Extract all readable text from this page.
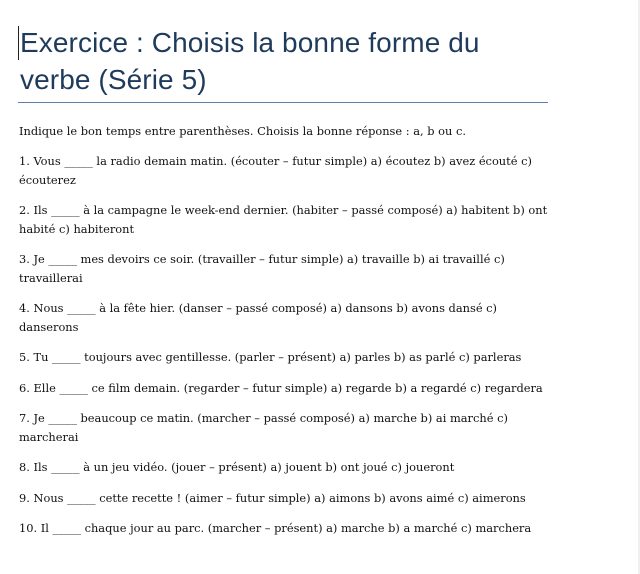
Exercice : Choisis la bonne forme du verbe (Série 5)
Indique le bon temps entre parenthèses. Choisis la bonne réponse : a, b ou c.
1. Vous _____ la radio demain matin. (écouter – futur simple) a) écoutez b) avez écouté c) écouterez
2. Ils _____ à la campagne le week-end dernier. (habiter – passé composé) a) habitent b) ont habité c) habiteront
3. Je _____ mes devoirs ce soir. (travailler – futur simple) a) travaille b) ai travaillé c) travaillerai
4. Nous _____ à la fête hier. (danser – passé composé) a) dansons b) avons dansé c) danserons
5. Tu _____ toujours avec gentillesse. (parler – présent) a) parles b) as parlé c) parleras
6. Elle _____ ce film demain. (regarder – futur simple) a) regarde b) a regardé c) regardera
7. Je _____ beaucoup ce matin. (marcher – passé composé) a) marche b) ai marché c) marcherai
8. Ils _____ à un jeu vidéo. (jouer – présent) a) jouent b) ont joué c) joueront
9. Nous _____ cette recette ! (aimer – futur simple) a) aimons b) avons aimé c) aimerons
10. Il _____ chaque jour au parc. (marcher – présent) a) marche b) a marché c) marchera
